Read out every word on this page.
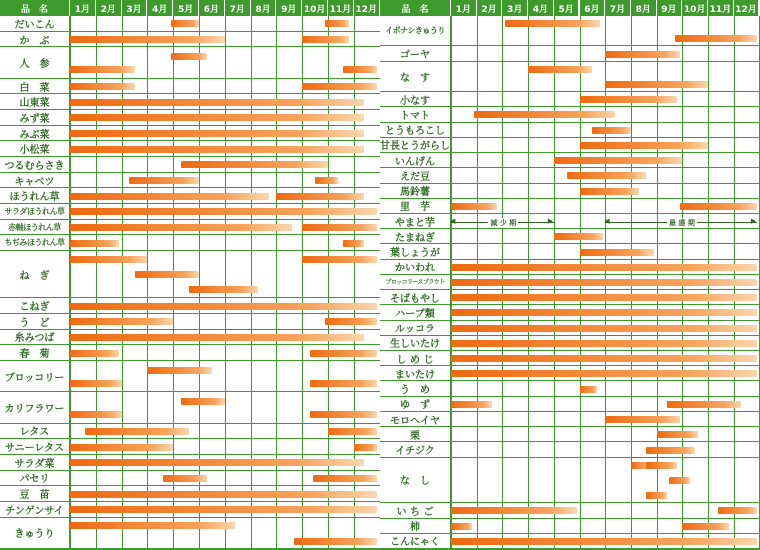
品　名	1月	2月	3月	4月	5月	6月	7月	8月	9月 10月 11月 12月
だいこん
か　ぶ
人　参
白　菜
山東菜
みず菜
みぶ菜
小松菜
つるむらさき
キャベツ
ほうれん草
サラダほうれん草
赤軸ほうれん草
ちぢみほうれん草
ね　ぎ
こねぎ
う　ど
糸みつば
春　菊
ブロッコリー
カリフラワー
レタス
サニーレタス
サラダ菜
パセリ
豆　苗
チンゲンサイ
きゅうり
品　名	1月	2月	3月	4月	5月	6月	7月	8月	9月 10月 11月 12月
イボナシきゅうり
ゴーヤ
な　す
小なす
トマト
とうもろこし
甘長とうがらし
いんげん
えだ豆
馬鈴薯
里　芋
やまと芋	◀	▶
減 少 期	◀	▶
最 盛 期
たまねぎ
葉しょうが
かいわれ
ブロッコリースプラウト
そばもやし
ハーブ類
ルッコラ
生しいたけ
し め じ
まいたけ
う　め
ゆ　ず
モロヘイヤ
栗
イチジク
な　し
い ち ご
柿
こんにゃく
